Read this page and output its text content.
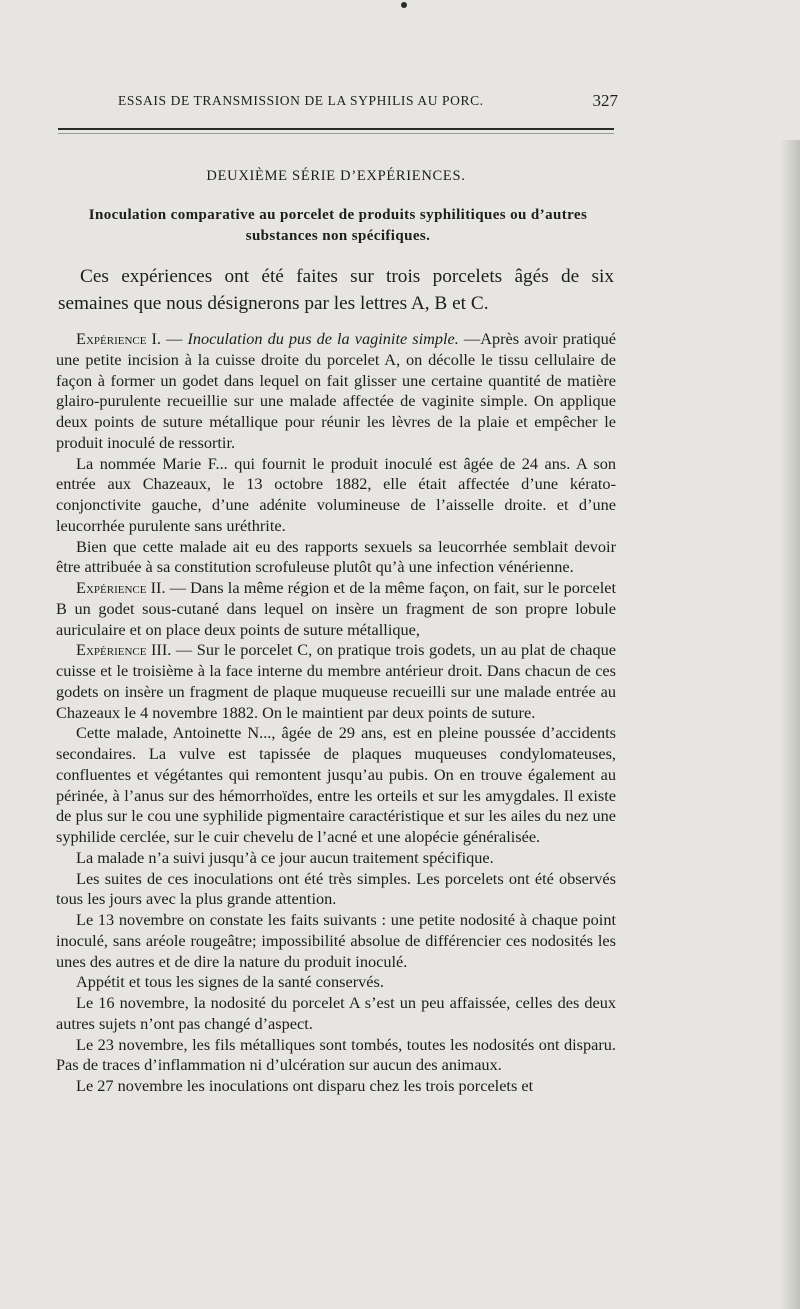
ESSAIS DE TRANSMISSION DE LA SYPHILIS AU PORC.	327
DEUXIÈME SÉRIE D’EXPÉRIENCES.
Inoculation comparative au porcelet de produits syphilitiques ou d’autres substances non spécifiques.
Ces expériences ont été faites sur trois porcelets âgés de six semaines que nous désignerons par les lettres A, B et C.

Expérience I. — Inoculation du pus de la vaginite simple. —Après avoir pratiqué une petite incision à la cuisse droite du porcelet A, on décolle le tissu cellulaire de façon à former un godet dans lequel on fait glisser une certaine quantité de matière glairo-purulente recueillie sur une malade affectée de vaginite simple. On applique deux points de suture métallique pour réunir les lèvres de la plaie et empêcher le produit inoculé de ressortir.

La nommée Marie F... qui fournit le produit inoculé est âgée de 24 ans. A son entrée aux Chazeaux, le 13 octobre 1882, elle était affectée d’une kérato-conjonctivite gauche, d’une adénite volumineuse de l’aisselle droite. et d’une leucorrhée purulente sans uréthrite.

Bien que cette malade ait eu des rapports sexuels sa leucorrhée semblait devoir être attribuée à sa constitution scrofuleuse plutôt qu’à une infection vénérienne.

Expérience II. — Dans la même région et de la même façon, on fait, sur le porcelet B un godet sous-cutané dans lequel on insère un fragment de son propre lobule auriculaire et on place deux points de suture métallique,

Expérience III. — Sur le porcelet C, on pratique trois godets, un au plat de chaque cuisse et le troisième à la face interne du membre antérieur droit. Dans chacun de ces godets on insère un fragment de plaque muqueuse recueilli sur une malade entrée au Chazeaux le 4 novembre 1882. On le maintient par deux points de suture.

Cette malade, Antoinette N..., âgée de 29 ans, est en pleine poussée d’accidents secondaires. La vulve est tapissée de plaques muqueuses condylomateuses, confluentes et végétantes qui remontent jusqu’au pubis. On en trouve également au périnée, à l’anus sur des hémorrhoïdes, entre les orteils et sur les amygdales. Il existe de plus sur le cou une syphilide pigmentaire caractéristique et sur les ailes du nez une syphilide cerclée, sur le cuir chevelu de l’acné et une alopécie généralisée.

La malade n’a suivi jusqu’à ce jour aucun traitement spécifique.

Les suites de ces inoculations ont été très simples. Les porcelets ont été observés tous les jours avec la plus grande attention.

Le 13 novembre on constate les faits suivants : une petite nodosité à chaque point inoculé, sans aréole rougeâtre; impossibilité absolue de différencier ces nodosités les unes des autres et de dire la nature du produit inoculé.

Appétit et tous les signes de la santé conservés.

Le 16 novembre, la nodosité du porcelet A s’est un peu affaissée, celles des deux autres sujets n’ont pas changé d’aspect.

Le 23 novembre, les fils métalliques sont tombés, toutes les nodosités ont disparu. Pas de traces d’inflammation ni d’ulcération sur aucun des animaux.

Le 27 novembre les inoculations ont disparu chez les trois porcelets et
